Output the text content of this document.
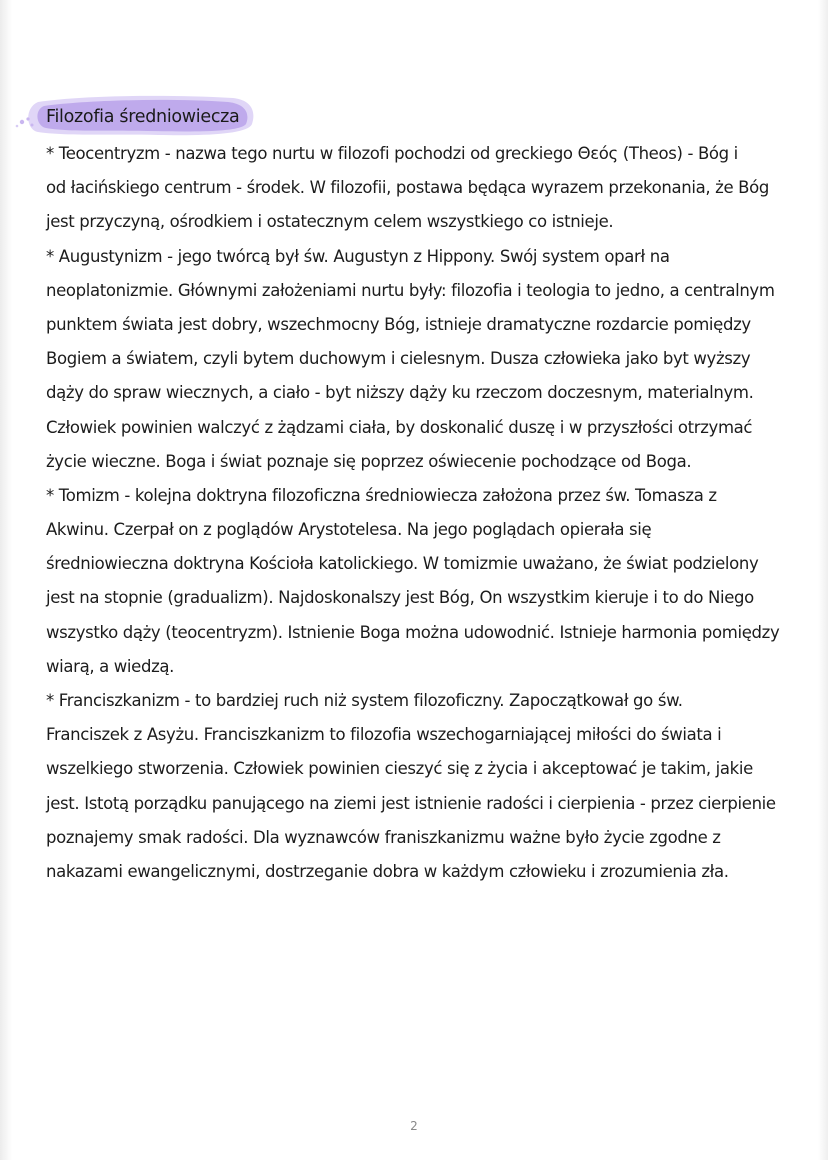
Filozofia średniowiecza

* Teocentryzm - nazwa tego nurtu w filozofi pochodzi od greckiego Θεός (Theos) - Bóg i
od łacińskiego centrum - środek. W filozofii, postawa będąca wyrazem przekonania, że Bóg
jest przyczyną, ośrodkiem i ostatecznym celem wszystkiego co istnieje.

* Augustynizm - jego twórcą był św. Augustyn z Hippony. Swój system oparł na
neoplatonizmie. Głównymi założeniami nurtu były: filozofia i teologia to jedno, a centralnym
punktem świata jest dobry, wszechmocny Bóg, istnieje dramatyczne rozdarcie pomiędzy
Bogiem a światem, czyli bytem duchowym i cielesnym. Dusza człowieka jako byt wyższy
dąży do spraw wiecznych, a ciało - byt niższy dąży ku rzeczom doczesnym, materialnym.
Człowiek powinien walczyć z żądzami ciała, by doskonalić duszę i w przyszłości otrzymać
życie wieczne. Boga i świat poznaje się poprzez oświecenie pochodzące od Boga.

* Tomizm - kolejna doktryna filozoficzna średniowiecza założona przez św. Tomasza z
Akwinu. Czerpał on z poglądów Arystotelesa. Na jego poglądach opierała się
średniowieczna doktryna Kościoła katolickiego. W tomizmie uważano, że świat podzielony
jest na stopnie (gradualizm). Najdoskonalszy jest Bóg, On wszystkim kieruje i to do Niego
wszystko dąży (teocentryzm). Istnienie Boga można udowodnić. Istnieje harmonia pomiędzy
wiarą, a wiedzą.

* Franciszkanizm - to bardziej ruch niż system filozoficzny. Zapoczątkował go św.
Franciszek z Asyżu. Franciszkanizm to filozofia wszechogarniającej miłości do świata i
wszelkiego stworzenia. Człowiek powinien cieszyć się z życia i akceptować je takim, jakie
jest. Istotą porządku panującego na ziemi jest istnienie radości i cierpienia - przez cierpienie
poznajemy smak radości. Dla wyznawców franiszkanizmu ważne było życie zgodne z
nakazami ewangelicznymi, dostrzeganie dobra w każdym człowieku i zrozumienia zła.

2
